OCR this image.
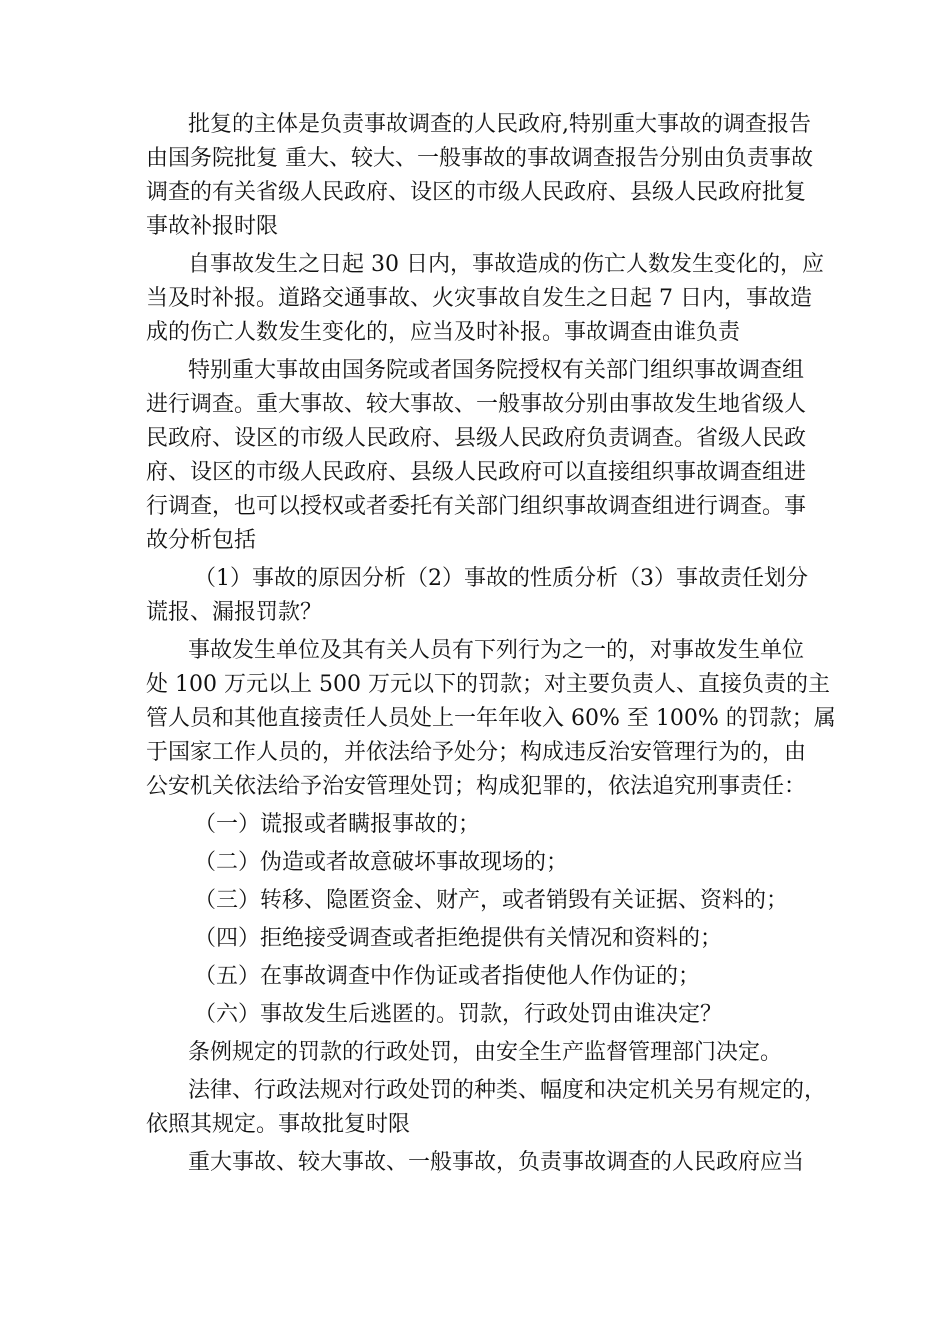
批复的主体是负责事故调查的人民政府,特别重大事故的调查报告
由国务院批复 重大、较大、一般事故的事故调查报告分别由负责事故
调查的有关省级人民政府、设区的市级人民政府、县级人民政府批复
事故补报时限
自事故发生之日起 30 日内，事故造成的伤亡人数发生变化的，应
当及时补报。道路交通事故、火灾事故自发生之日起 7 日内，事故造
成的伤亡人数发生变化的，应当及时补报。事故调查由谁负责
特别重大事故由国务院或者国务院授权有关部门组织事故调查组
进行调查。重大事故、较大事故、一般事故分别由事故发生地省级人
民政府、设区的市级人民政府、县级人民政府负责调查。省级人民政
府、设区的市级人民政府、县级人民政府可以直接组织事故调查组进
行调查，也可以授权或者委托有关部门组织事故调查组进行调查。事
故分析包括
（1）事故的原因分析（2）事故的性质分析（3）事故责任划分
谎报、漏报罚款？
事故发生单位及其有关人员有下列行为之一的，对事故发生单位
处 100 万元以上 500 万元以下的罚款；对主要负责人、直接负责的主
管人员和其他直接责任人员处上一年年收入 60% 至 100% 的罚款；属
于国家工作人员的，并依法给予处分；构成违反治安管理行为的，由
公安机关依法给予治安管理处罚；构成犯罪的，依法追究刑事责任：
（一）谎报或者瞒报事故的；
（二）伪造或者故意破坏事故现场的；
（三）转移、隐匿资金、财产，或者销毁有关证据、资料的；
（四）拒绝接受调查或者拒绝提供有关情况和资料的；
（五）在事故调查中作伪证或者指使他人作伪证的；
（六）事故发生后逃匿的。罚款，行政处罚由谁决定？
条例规定的罚款的行政处罚，由安全生产监督管理部门决定。
法律、行政法规对行政处罚的种类、幅度和决定机关另有规定的，
依照其规定。事故批复时限
重大事故、较大事故、一般事故，负责事故调查的人民政府应当
